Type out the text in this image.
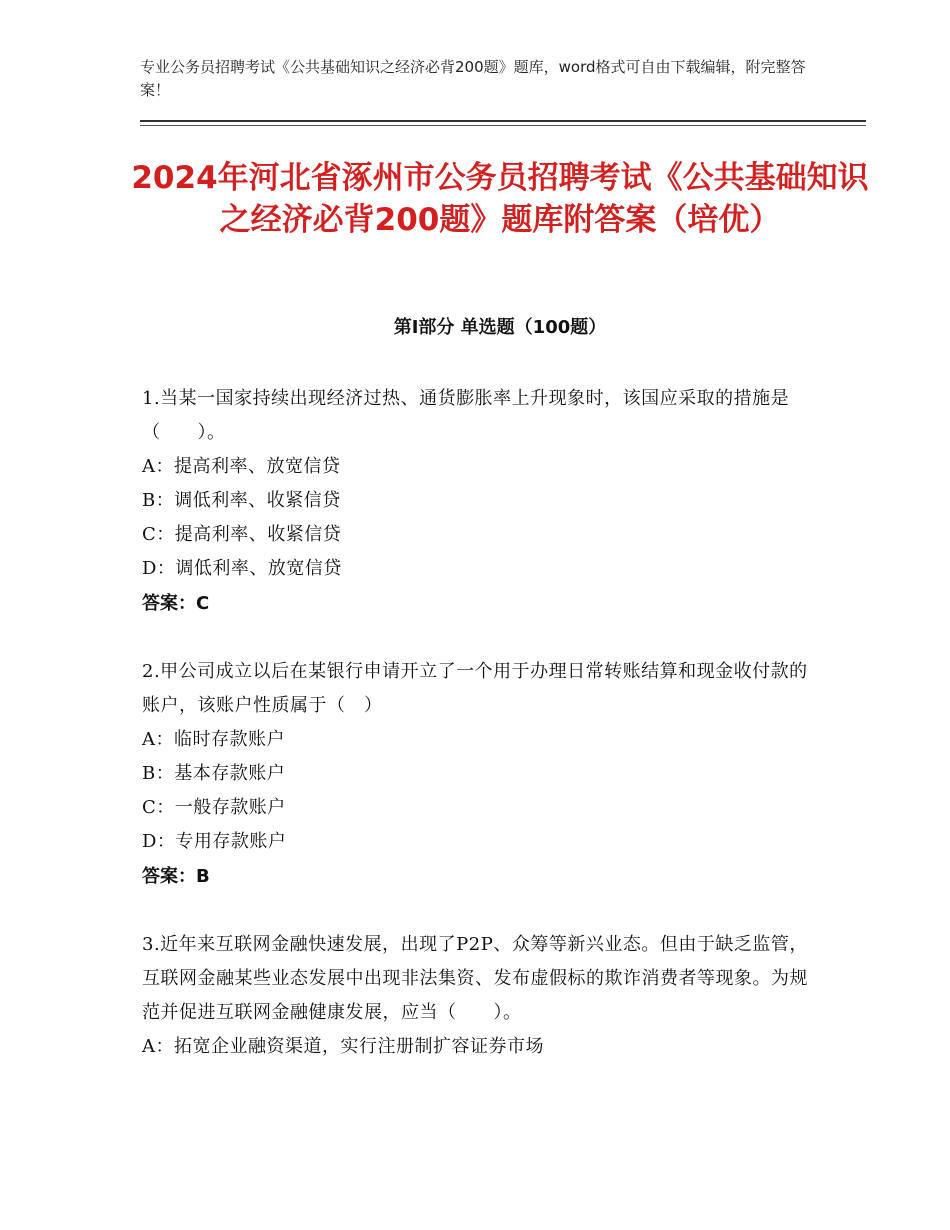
专业公务员招聘考试《公共基础知识之经济必背200题》题库，word格式可自由下载编辑，附完整答案！
2024年河北省涿州市公务员招聘考试《公共基础知识之经济必背200题》题库附答案（培优）
第Ⅰ部分 单选题（100题）
1.当某一国家持续出现经济过热、通货膨胀率上升现象时，该国应采取的措施是（　　）。
A：提高利率、放宽信贷
B：调低利率、收紧信贷
C：提高利率、收紧信贷
D：调低利率、放宽信贷
答案：C
2.甲公司成立以后在某银行申请开立了一个用于办理日常转账结算和现金收付款的账户，该账户性质属于（　）
A：临时存款账户
B：基本存款账户
C：一般存款账户
D：专用存款账户
答案：B
3.近年来互联网金融快速发展，出现了P2P、众筹等新兴业态。但由于缺乏监管，互联网金融某些业态发展中出现非法集资、发布虚假标的欺诈消费者等现象。为规范并促进互联网金融健康发展，应当（　　）。
A：拓宽企业融资渠道，实行注册制扩容证券市场
